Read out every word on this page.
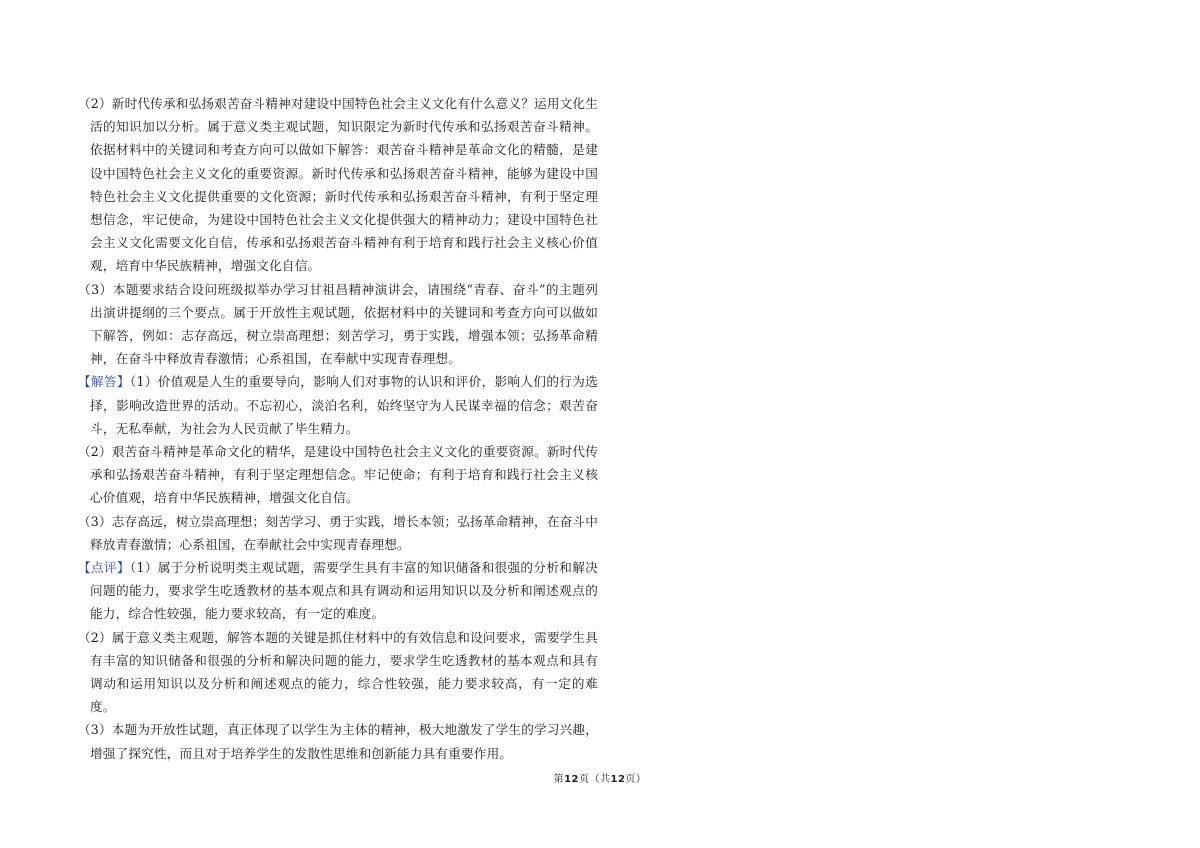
（2）新时代传承和弘扬艰苦奋斗精神对建设中国特色社会主义文化有什么意义？运用文化生活的知识加以分析。属于意义类主观试题，知识限定为新时代传承和弘扬艰苦奋斗精神。依据材料中的关键词和考查方向可以做如下解答：艰苦奋斗精神是革命文化的精髓，是建设中国特色社会主义文化的重要资源。新时代传承和弘扬艰苦奋斗精神，能够为建设中国特色社会主义文化提供重要的文化资源；新时代传承和弘扬艰苦奋斗精神，有利于坚定理想信念，牢记使命，为建设中国特色社会主义文化提供强大的精神动力；建设中国特色社会主义文化需要文化自信，传承和弘扬艰苦奋斗精神有利于培育和践行社会主义核心价值观，培育中华民族精神，增强文化自信。

（3）本题要求结合设问班级拟举办学习甘祖昌精神演讲会，请围绕“青春、奋斗”的主题列出演讲提纲的三个要点。属于开放性主观试题，依据材料中的关键词和考查方向可以做如下解答，例如：志存高远，树立崇高理想；刻苦学习，勇于实践，增强本领；弘扬革命精神，在奋斗中释放青春激情；心系祖国，在奉献中实现青春理想。

【解答】（1）价值观是人生的重要导向，影响人们对事物的认识和评价，影响人们的行为选择，影响改造世界的活动。不忘初心，淡泊名利，始终坚守为人民谋幸福的信念；艰苦奋斗，无私奉献，为社会为人民贡献了毕生精力。

（2）艰苦奋斗精神是革命文化的精华，是建设中国特色社会主义文化的重要资源。新时代传承和弘扬艰苦奋斗精神，有利于坚定理想信念。牢记使命；有利于培育和践行社会主义核心价值观，培育中华民族精神，增强文化自信。

（3）志存高远，树立崇高理想；刻苦学习、勇于实践，增长本领；弘扬革命精神，在奋斗中释放青春激情；心系祖国，在奉献社会中实现青春理想。

【点评】（1）属于分析说明类主观试题，需要学生具有丰富的知识储备和很强的分析和解决问题的能力，要求学生吃透教材的基本观点和具有调动和运用知识以及分析和阐述观点的能力，综合性较强，能力要求较高，有一定的难度。

（2）属于意义类主观题，解答本题的关键是抓住材料中的有效信息和设问要求，需要学生具有丰富的知识储备和很强的分析和解决问题的能力，要求学生吃透教材的基本观点和具有调动和运用知识以及分析和阐述观点的能力，综合性较强，能力要求较高，有一定的难度。

（3）本题为开放性试题，真正体现了以学生为主体的精神，极大地激发了学生的学习兴趣，增强了探究性，而且对于培养学生的发散性思维和创新能力具有重要作用。

第12页（共12页）
